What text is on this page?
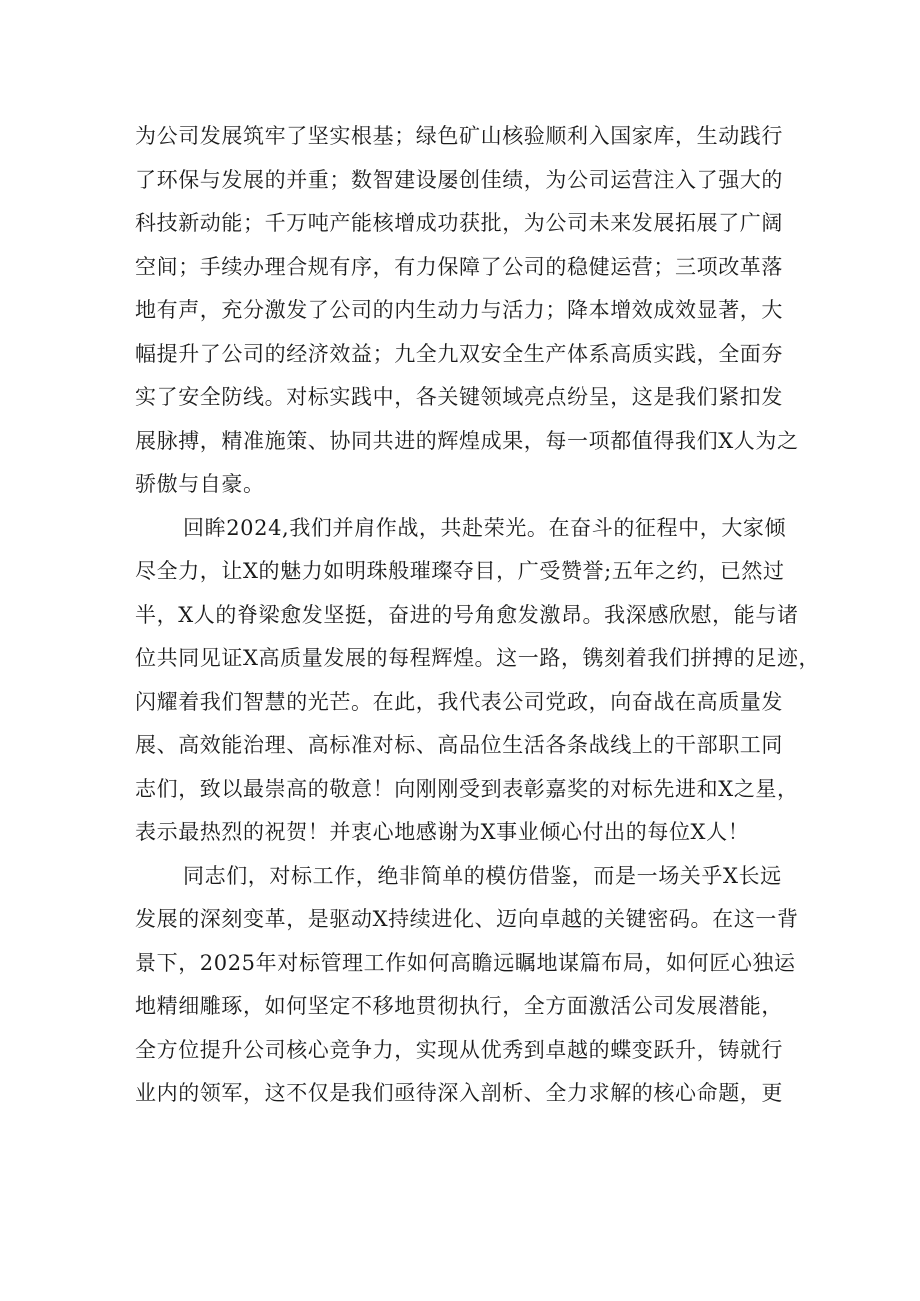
为公司发展筑牢了坚实根基；绿色矿山核验顺利入国家库，生动践行
了环保与发展的并重；数智建设屡创佳绩，为公司运营注入了强大的
科技新动能；千万吨产能核增成功获批，为公司未来发展拓展了广阔
空间；手续办理合规有序，有力保障了公司的稳健运营；三项改革落
地有声，充分激发了公司的内生动力与活力；降本增效成效显著，大
幅提升了公司的经济效益；九全九双安全生产体系高质实践，全面夯
实了安全防线。对标实践中，各关键领域亮点纷呈，这是我们紧扣发
展脉搏，精准施策、协同共进的辉煌成果，每一项都值得我们X人为之
骄傲与自豪。
回眸2024,我们并肩作战，共赴荣光。在奋斗的征程中，大家倾
尽全力，让X的魅力如明珠般璀璨夺目，广受赞誉;五年之约，已然过
半，X人的脊梁愈发坚挺，奋进的号角愈发激昂。我深感欣慰，能与诸
位共同见证X高质量发展的每程辉煌。这一路，镌刻着我们拼搏的足迹，
闪耀着我们智慧的光芒。在此，我代表公司党政，向奋战在高质量发
展、高效能治理、高标准对标、高品位生活各条战线上的干部职工同
志们，致以最崇高的敬意！向刚刚受到表彰嘉奖的对标先进和X之星，
表示最热烈的祝贺！并衷心地感谢为X事业倾心付出的每位X人！
同志们，对标工作，绝非简单的模仿借鉴，而是一场关乎X长远
发展的深刻变革，是驱动X持续进化、迈向卓越的关键密码。在这一背
景下，2025年对标管理工作如何高瞻远瞩地谋篇布局，如何匠心独运
地精细雕琢，如何坚定不移地贯彻执行，全方面激活公司发展潜能，
全方位提升公司核心竞争力，实现从优秀到卓越的蝶变跃升，铸就行
业内的领军，这不仅是我们亟待深入剖析、全力求解的核心命题，更
